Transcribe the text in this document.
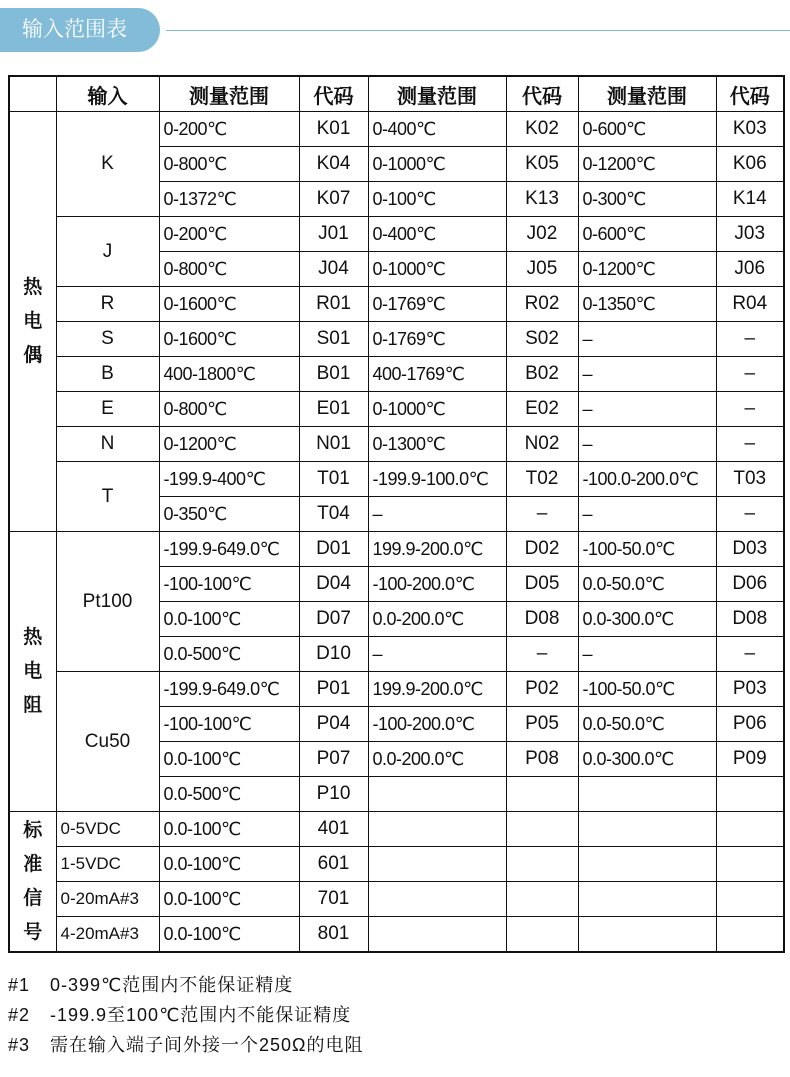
输入范围表
	输入	测量范围	代码	测量范围	代码	测量范围	代码
热电偶	K	0-200℃	K01	0-400℃	K02	0-600℃	K03
		0-800℃	K04	0-1000℃	K05	0-1200℃	K06
		0-1372℃	K07	0-100℃	K13	0-300℃	K14
	J	0-200℃	J01	0-400℃	J02	0-600℃	J03
		0-800℃	J04	0-1000℃	J05	0-1200℃	J06
	R	0-1600℃	R01	0-1769℃	R02	0-1350℃	R04
	S	0-1600℃	S01	0-1769℃	S02	–	–
	B	400-1800℃	B01	400-1769℃	B02	–	–
	E	0-800℃	E01	0-1000℃	E02	–	–
	N	0-1200℃	N01	0-1300℃	N02	–	–
	T	-199.9-400℃	T01	-199.9-100.0℃	T02	-100.0-200.0℃	T03
		0-350℃	T04	–	–	–	–
热电阻	Pt100	-199.9-649.0℃	D01	199.9-200.0℃	D02	-100-50.0℃	D03
		-100-100℃	D04	-100-200.0℃	D05	0.0-50.0℃	D06
		0.0-100℃	D07	0.0-200.0℃	D08	0.0-300.0℃	D08
		0.0-500℃	D10	–	–	–	–
	Cu50	-199.9-649.0℃	P01	199.9-200.0℃	P02	-100-50.0℃	P03
		-100-100℃	P04	-100-200.0℃	P05	0.0-50.0℃	P06
		0.0-100℃	P07	0.0-200.0℃	P08	0.0-300.0℃	P09
		0.0-500℃	P10				
标准信号	0-5VDC	0.0-100℃	401				
	1-5VDC	0.0-100℃	601				
	0-20mA#3	0.0-100℃	701				
	4-20mA#3	0.0-100℃	801				
#1 0-399℃范围内不能保证精度
#2 -199.9至100℃范围内不能保证精度
#3 需在输入端子间外接一个250Ω的电阻
